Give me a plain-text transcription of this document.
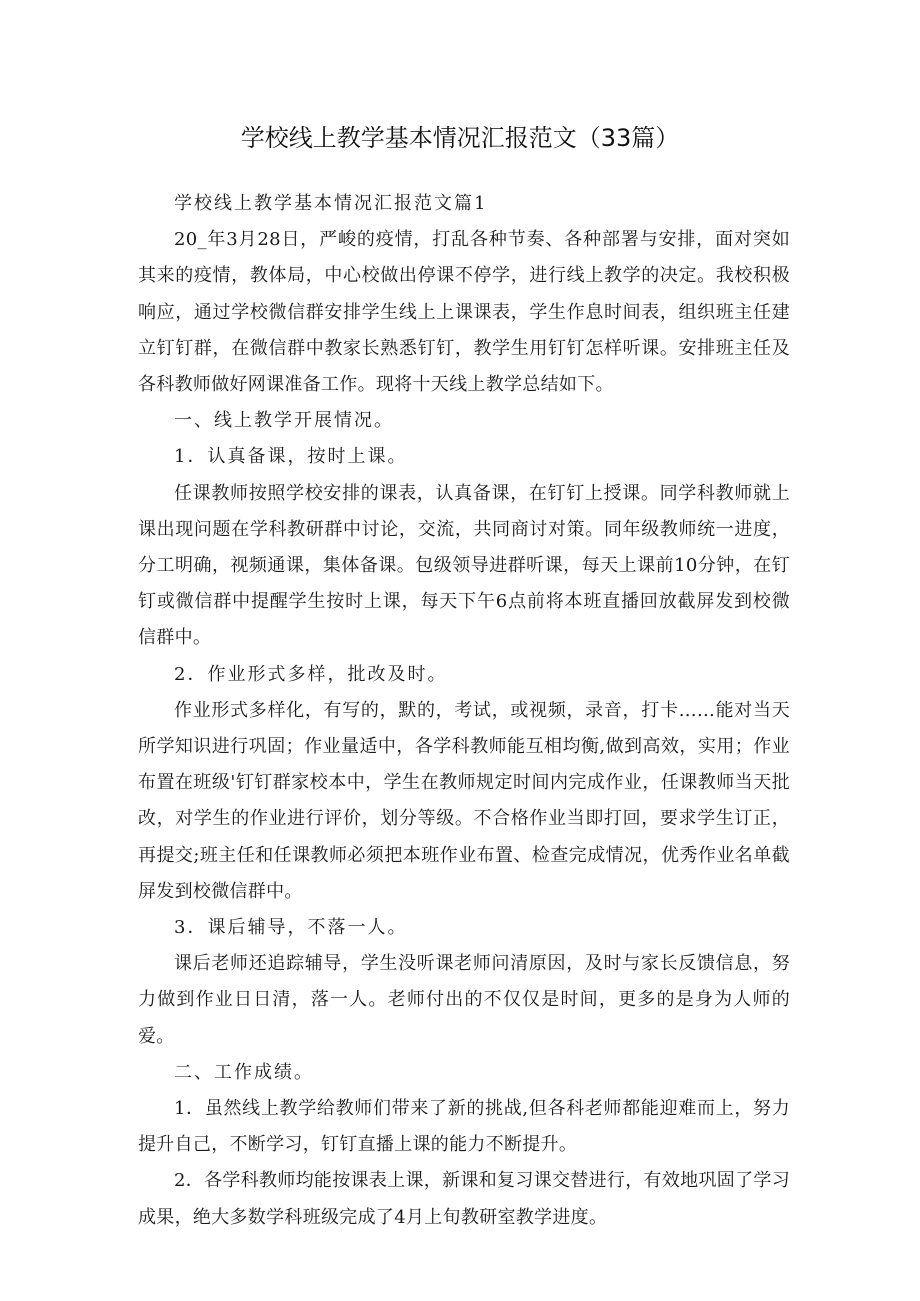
学校线上教学基本情况汇报范文（33篇）

学校线上教学基本情况汇报范文篇1

20_年3月28日，严峻的疫情，打乱各种节奏、各种部署与安排，面对突如其来的疫情，教体局，中心校做出停课不停学，进行线上教学的决定。我校积极响应，通过学校微信群安排学生线上上课课表，学生作息时间表，组织班主任建立钉钉群，在微信群中教家长熟悉钉钉，教学生用钉钉怎样听课。安排班主任及各科教师做好网课准备工作。现将十天线上教学总结如下。

一、线上教学开展情况。

1．认真备课，按时上课。

任课教师按照学校安排的课表，认真备课，在钉钉上授课。同学科教师就上课出现问题在学科教研群中讨论，交流，共同商讨对策。同年级教师统一进度，分工明确，视频通课，集体备课。包级领导进群听课，每天上课前10分钟，在钉钉或微信群中提醒学生按时上课，每天下午6点前将本班直播回放截屏发到校微信群中。

2．作业形式多样，批改及时。

作业形式多样化，有写的，默的，考试，或视频，录音，打卡……能对当天所学知识进行巩固；作业量适中，各学科教师能互相均衡,做到高效，实用；作业布置在班级'钉钉群家校本中，学生在教师规定时间内完成作业，任课教师当天批改，对学生的作业进行评价，划分等级。不合格作业当即打回，要求学生订正，再提交;班主任和任课教师必须把本班作业布置、检查完成情况，优秀作业名单截屏发到校微信群中。

3．课后辅导，不落一人。

课后老师还追踪辅导，学生没听课老师问清原因，及时与家长反馈信息，努力做到作业日日清，落一人。老师付出的不仅仅是时间，更多的是身为人师的爱。

二、工作成绩。

1．虽然线上教学给教师们带来了新的挑战,但各科老师都能迎难而上，努力提升自己，不断学习，钉钉直播上课的能力不断提升。

2．各学科教师均能按课表上课，新课和复习课交替进行，有效地巩固了学习成果，绝大多数学科班级完成了4月上旬教研室教学进度。
